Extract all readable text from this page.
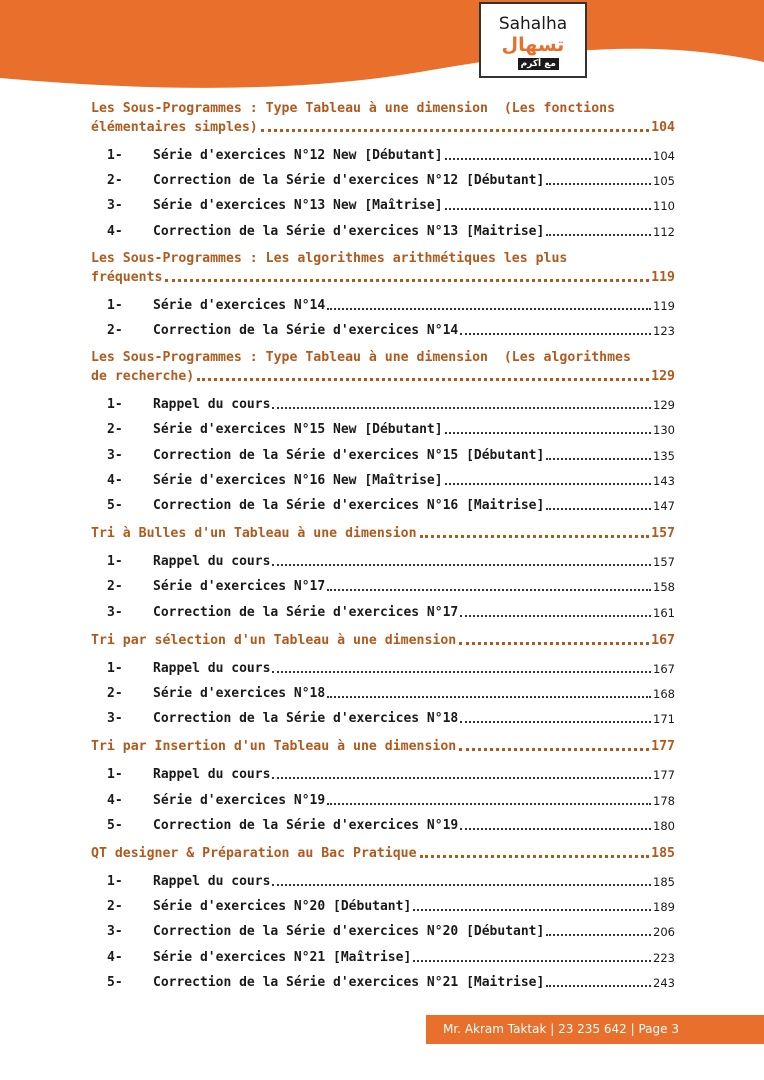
Sahalha
تسهال
مع أكرم
Les Sous-Programmes : Type Tableau à une dimension  (Les fonctions
élémentaires simples)	104
1-	Série d'exercices N°12 New [Débutant]	104
2-	Correction de la Série d'exercices N°12 [Débutant]	105
3-	Série d'exercices N°13 New [Maîtrise]	110
4-	Correction de la Série d'exercices N°13 [Maitrise]	112
Les Sous-Programmes : Les algorithmes arithmétiques les plus
fréquents	119
1-	Série d'exercices N°14	119
2-	Correction de la Série d'exercices N°14	123
Les Sous-Programmes : Type Tableau à une dimension  (Les algorithmes
de recherche)	129
1-	Rappel du cours	129
2-	Série d'exercices N°15 New [Débutant]	130
3-	Correction de la Série d'exercices N°15 [Débutant]	135
4-	Série d'exercices N°16 New [Maîtrise]	143
5-	Correction de la Série d'exercices N°16 [Maitrise]	147
Tri à Bulles d'un Tableau à une dimension	157
1-	Rappel du cours	157
2-	Série d'exercices N°17	158
3-	Correction de la Série d'exercices N°17	161
Tri par sélection d'un Tableau à une dimension	167
1-	Rappel du cours	167
2-	Série d'exercices N°18	168
3-	Correction de la Série d'exercices N°18	171
Tri par Insertion d'un Tableau à une dimension	177
1-	Rappel du cours	177
4-	Série d'exercices N°19	178
5-	Correction de la Série d'exercices N°19	180
QT designer & Préparation au Bac Pratique	185
1-	Rappel du cours	185
2-	Série d'exercices N°20 [Débutant]	189
3-	Correction de la Série d'exercices N°20 [Débutant]	206
4-	Série d'exercices N°21 [Maîtrise]	223
5-	Correction de la Série d'exercices N°21 [Maitrise]	243
Mr. Akram Taktak | 23 235 642 | Page 3
